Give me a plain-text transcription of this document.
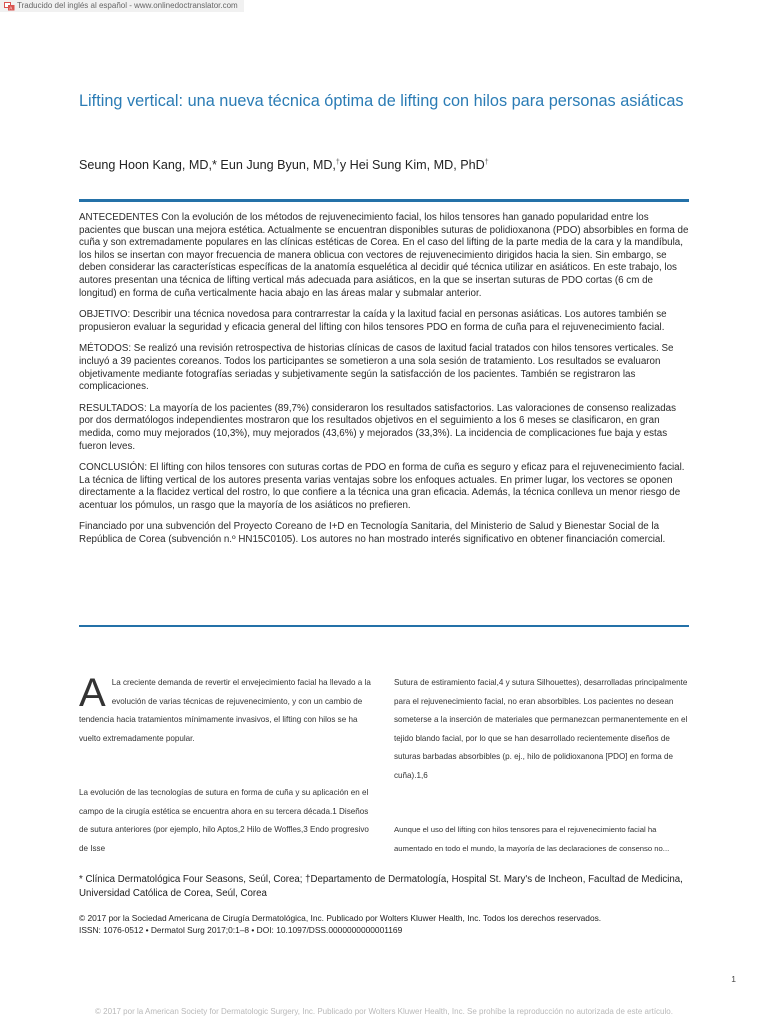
A Traducido del inglés al español - www.onlinedoctranslator.com
Lifting vertical: una nueva técnica óptima de lifting con hilos para personas asiáticas
Seung Hoon Kang, MD,* Eun Jung Byun, MD,†y Hei Sung Kim, MD, PhD†

ANTECEDENTES Con la evolución de los métodos de rejuvenecimiento facial, los hilos tensores han ganado popularidad entre los pacientes que buscan una mejora estética. Actualmente se encuentran disponibles suturas de polidioxanona (PDO) absorbibles en forma de cuña y son extremadamente populares en las clínicas estéticas de Corea. En el caso del lifting de la parte media de la cara y la mandíbula, los hilos se insertan con mayor frecuencia de manera oblicua con vectores de rejuvenecimiento dirigidos hacia la sien. Sin embargo, se deben considerar las características específicas de la anatomía esquelética al decidir qué técnica utilizar en asiáticos. En este trabajo, los autores presentan una técnica de lifting vertical más adecuada para asiáticos, en la que se insertan suturas de PDO cortas (6 cm de longitud) en forma de cuña verticalmente hacia abajo en las áreas malar y submalar anterior.

OBJETIVO: Describir una técnica novedosa para contrarrestar la caída y la laxitud facial en personas asiáticas. Los autores también se propusieron evaluar la seguridad y eficacia general del lifting con hilos tensores PDO en forma de cuña para el rejuvenecimiento facial.

MÉTODOS: Se realizó una revisión retrospectiva de historias clínicas de casos de laxitud facial tratados con hilos tensores verticales. Se incluyó a 39 pacientes coreanos. Todos los participantes se sometieron a una sola sesión de tratamiento. Los resultados se evaluaron objetivamente mediante fotografías seriadas y subjetivamente según la satisfacción de los pacientes. También se registraron las complicaciones.

RESULTADOS: La mayoría de los pacientes (89,7%) consideraron los resultados satisfactorios. Las valoraciones de consenso realizadas por dos dermatólogos independientes mostraron que los resultados objetivos en el seguimiento a los 6 meses se clasificaron, en gran medida, como muy mejorados (10,3%), muy mejorados (43,6%) y mejorados (33,3%). La incidencia de complicaciones fue baja y estas fueron leves.

CONCLUSIÓN: El lifting con hilos tensores con suturas cortas de PDO en forma de cuña es seguro y eficaz para el rejuvenecimiento facial. La técnica de lifting vertical de los autores presenta varias ventajas sobre los enfoques actuales. En primer lugar, los vectores se oponen directamente a la flacidez vertical del rostro, lo que confiere a la técnica una gran eficacia. Además, la técnica conlleva un menor riesgo de acentuar los pómulos, un rasgo que la mayoría de los asiáticos no prefieren.

Financiado por una subvención del Proyecto Coreano de I+D en Tecnología Sanitaria, del Ministerio de Salud y Bienestar Social de la República de Corea (subvención n.º HN15C0105). Los autores no han mostrado interés significativo en obtener financiación comercial.

A La creciente demanda de revertir el envejecimiento facial ha llevado a la evolución de varias técnicas de rejuvenecimiento, y con un cambio de tendencia hacia tratamientos mínimamente invasivos, el lifting con hilos se ha vuelto extremadamente popular.

La evolución de las tecnologías de sutura en forma de cuña y su aplicación en el campo de la cirugía estética se encuentra ahora en su tercera década.1 Diseños de sutura anteriores (por ejemplo, hilo Aptos,2 Hilo de Woffles,3 Endo progresivo de Isse

Sutura de estiramiento facial,4 y sutura Silhouettes), desarrolladas principalmente para el rejuvenecimiento facial, no eran absorbibles. Los pacientes no desean someterse a la inserción de materiales que permanezcan permanentemente en el tejido blando facial, por lo que se han desarrollado recientemente diseños de suturas barbadas absorbibles (p. ej., hilo de polidioxanona [PDO] en forma de cuña).1,6

Aunque el uso del lifting con hilos tensores para el rejuvenecimiento facial ha aumentado en todo el mundo, la mayoría de las declaraciones de consenso no...

* Clínica Dermatológica Four Seasons, Seúl, Corea; †Departamento de Dermatología, Hospital St. Mary's de Incheon, Facultad de Medicina, Universidad Católica de Corea, Seúl, Corea
© 2017 por la Sociedad Americana de Cirugía Dermatológica, Inc. Publicado por Wolters Kluwer Health, Inc. Todos los derechos reservados.
ISSN: 1076-0512 • Dermatol Surg 2017;0:1–8 • DOI: 10.1097/DSS.0000000000001169
1
© 2017 por la American Society for Dermatologic Surgery, Inc. Publicado por Wolters Kluwer Health, Inc. Se prohíbe la reproducción no autorizada de este artículo.
